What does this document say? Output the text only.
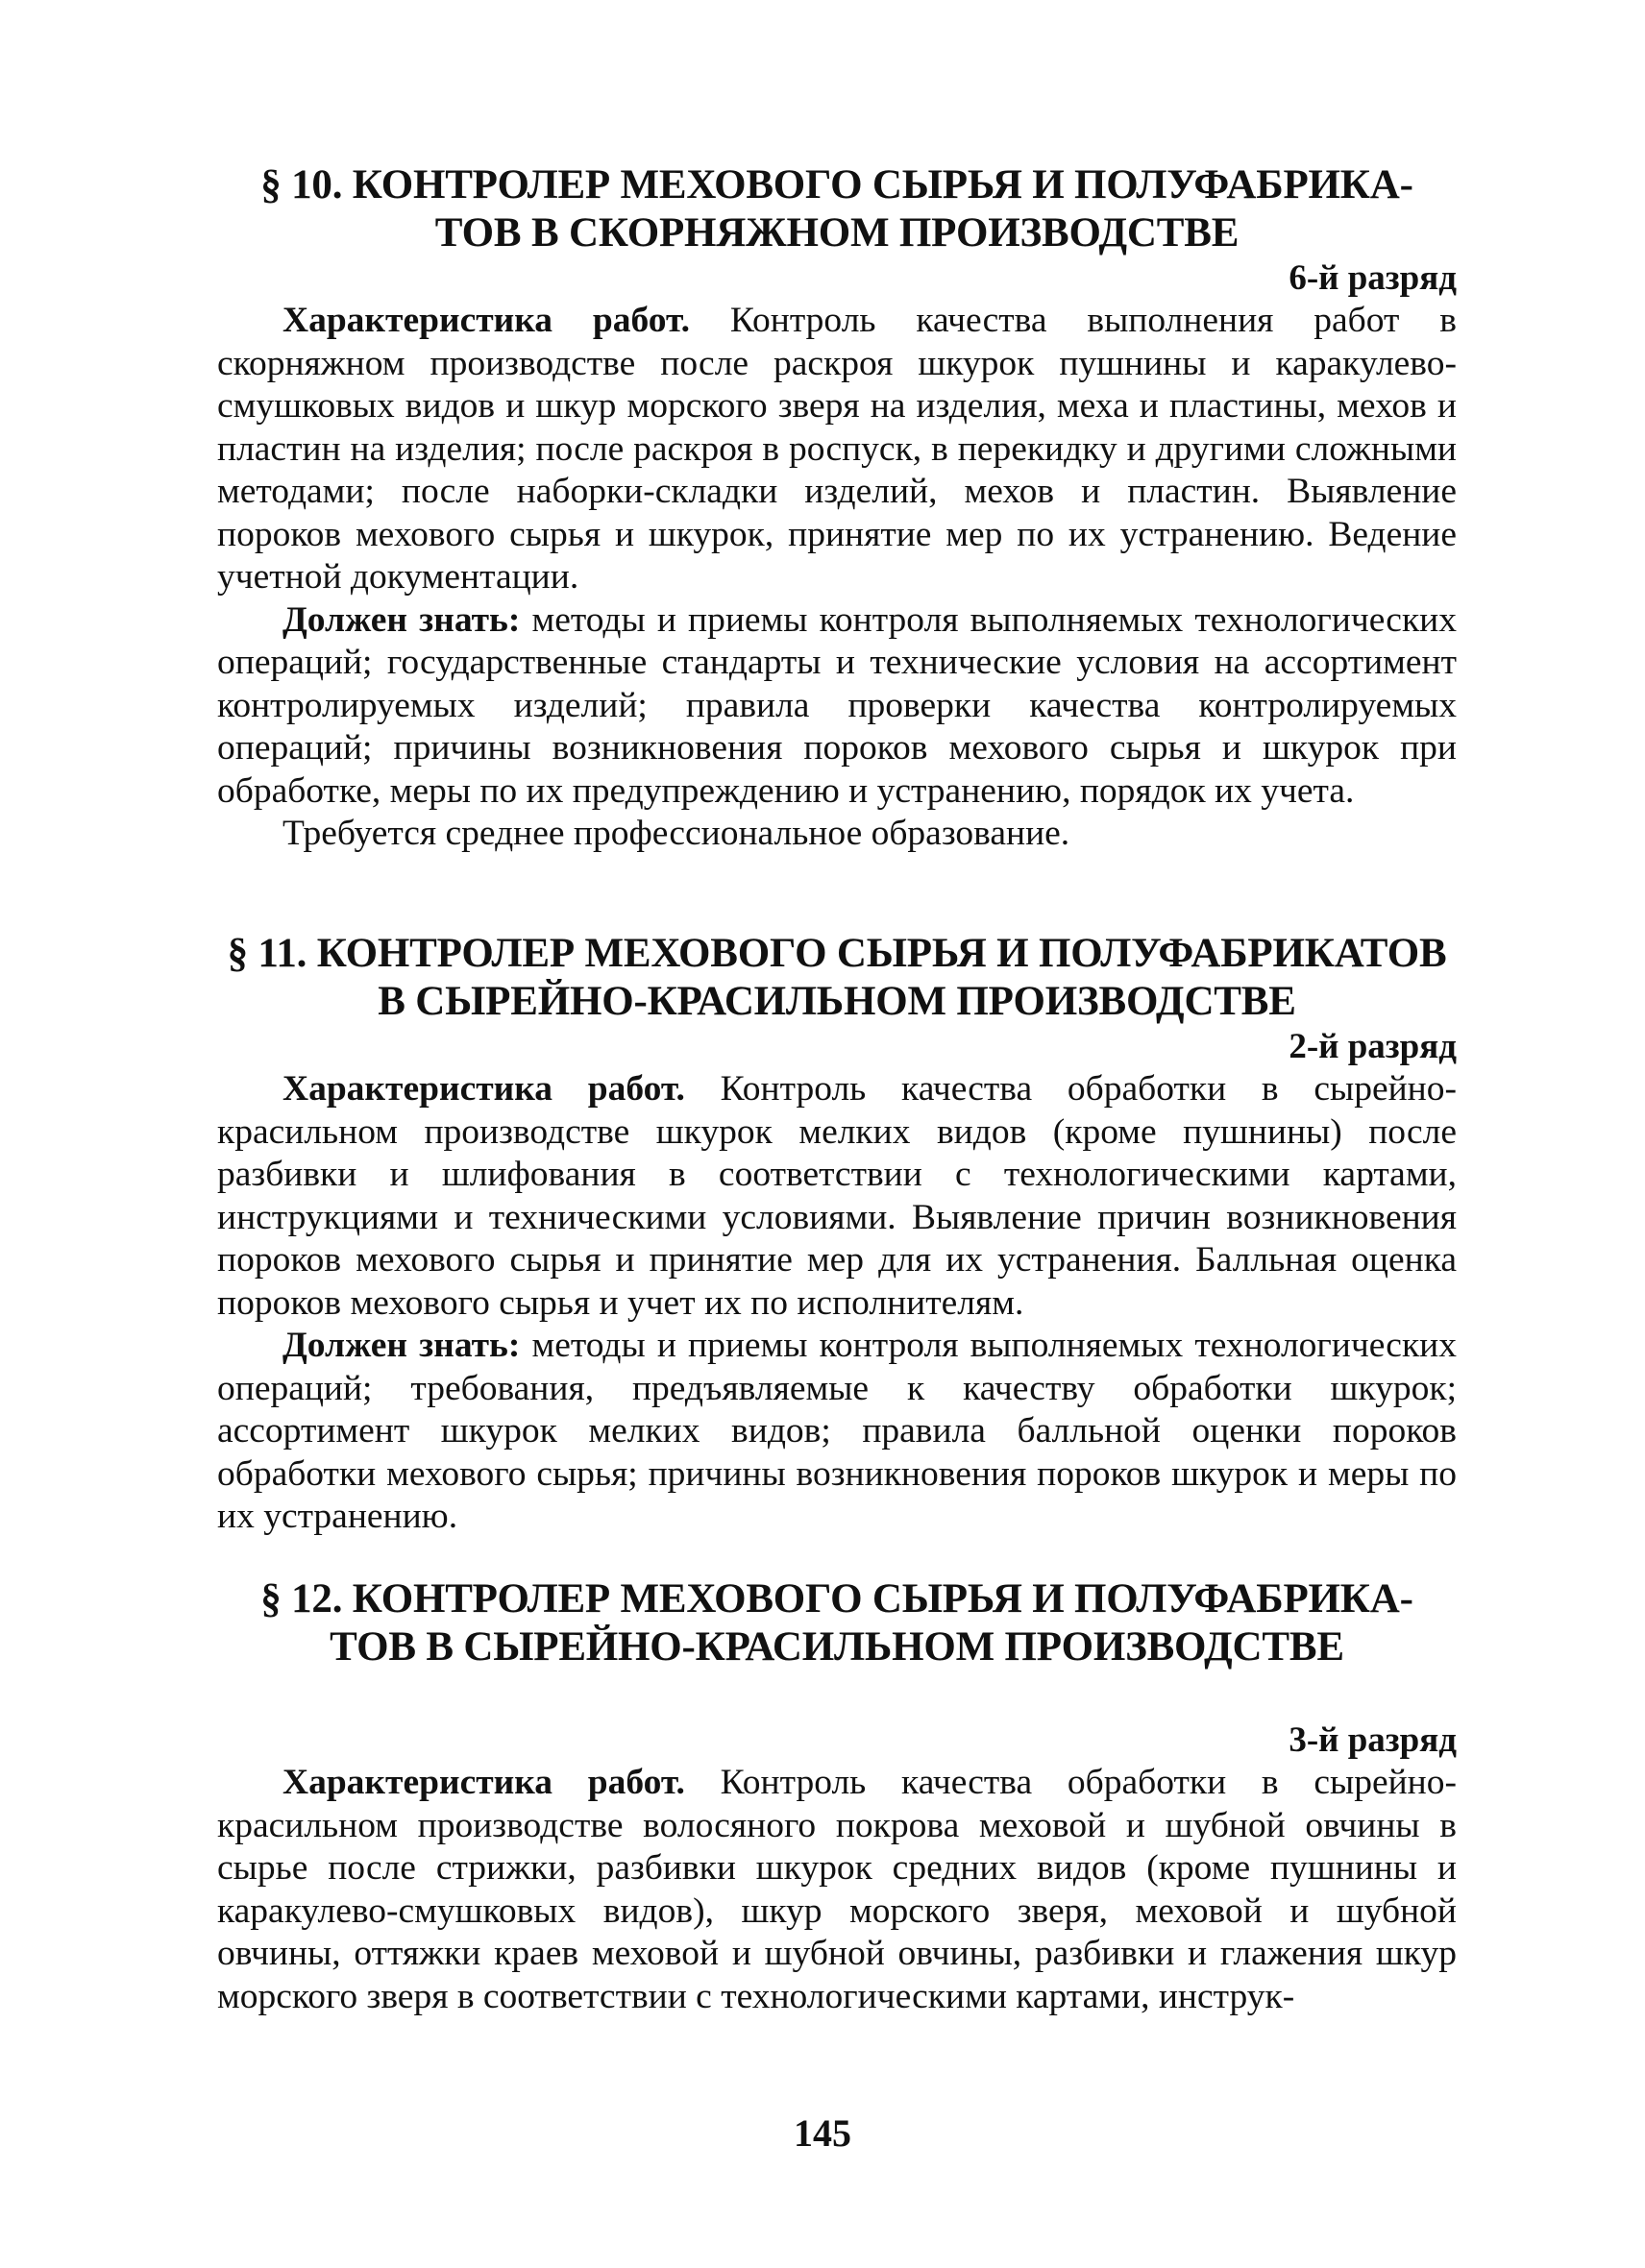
§ 10. КОНТРОЛЕР МЕХОВОГО СЫРЬЯ И ПОЛУФАБРИКА-
ТОВ В СКОРНЯЖНОМ ПРОИЗВОДСТВЕ

6-й разряд

Характеристика работ. Контроль качества выполнения работ в скорняжном производстве после раскроя шкурок пушнины и каракулево-смушковых видов и шкур морского зверя на изделия, меха и пластины, мехов и пластин на изделия; после раскроя в роспуск, в перекидку и другими сложными методами; после наборки-складки изделий, мехов и пластин. Выявление пороков мехового сырья и шкурок, принятие мер по их устранению. Ведение учетной документации.

Должен знать: методы и приемы контроля выполняемых технологических операций; государственные стандарты и технические условия на ассортимент контролируемых изделий; правила проверки качества контролируемых операций; причины возникновения пороков мехового сырья и шкурок при обработке, меры по их предупреждению и устранению, порядок их учета.

Требуется среднее профессиональное образование.

§ 11. КОНТРОЛЕР МЕХОВОГО СЫРЬЯ И ПОЛУФАБРИКАТОВ
В СЫРЕЙНО-КРАСИЛЬНОМ ПРОИЗВОДСТВЕ

2-й разряд

Характеристика работ. Контроль качества обработки в сырейно-красильном производстве шкурок мелких видов (кроме пушнины) после разбивки и шлифования в соответствии с технологическими картами, инструкциями и техническими условиями. Выявление причин возникновения пороков мехового сырья и принятие мер для их устранения. Балльная оценка пороков мехового сырья и учет их по исполнителям.

Должен знать: методы и приемы контроля выполняемых технологических операций; требования, предъявляемые к качеству обработки шкурок; ассортимент шкурок мелких видов; правила балльной оценки пороков обработки мехового сырья; причины возникновения пороков шкурок и меры по их устранению.

§ 12. КОНТРОЛЕР МЕХОВОГО СЫРЬЯ И ПОЛУФАБРИКА-
ТОВ В СЫРЕЙНО-КРАСИЛЬНОМ ПРОИЗВОДСТВЕ

3-й разряд

Характеристика работ. Контроль качества обработки в сырейно-красильном производстве волосяного покрова меховой и шубной овчины в сырье после стрижки, разбивки шкурок средних видов (кроме пушнины и каракулево-смушковых видов), шкур морского зверя, меховой и шубной овчины, оттяжки краев меховой и шубной овчины, разбивки и глажения шкур морского зверя в соответствии с технологическими картами, инструк-

145
